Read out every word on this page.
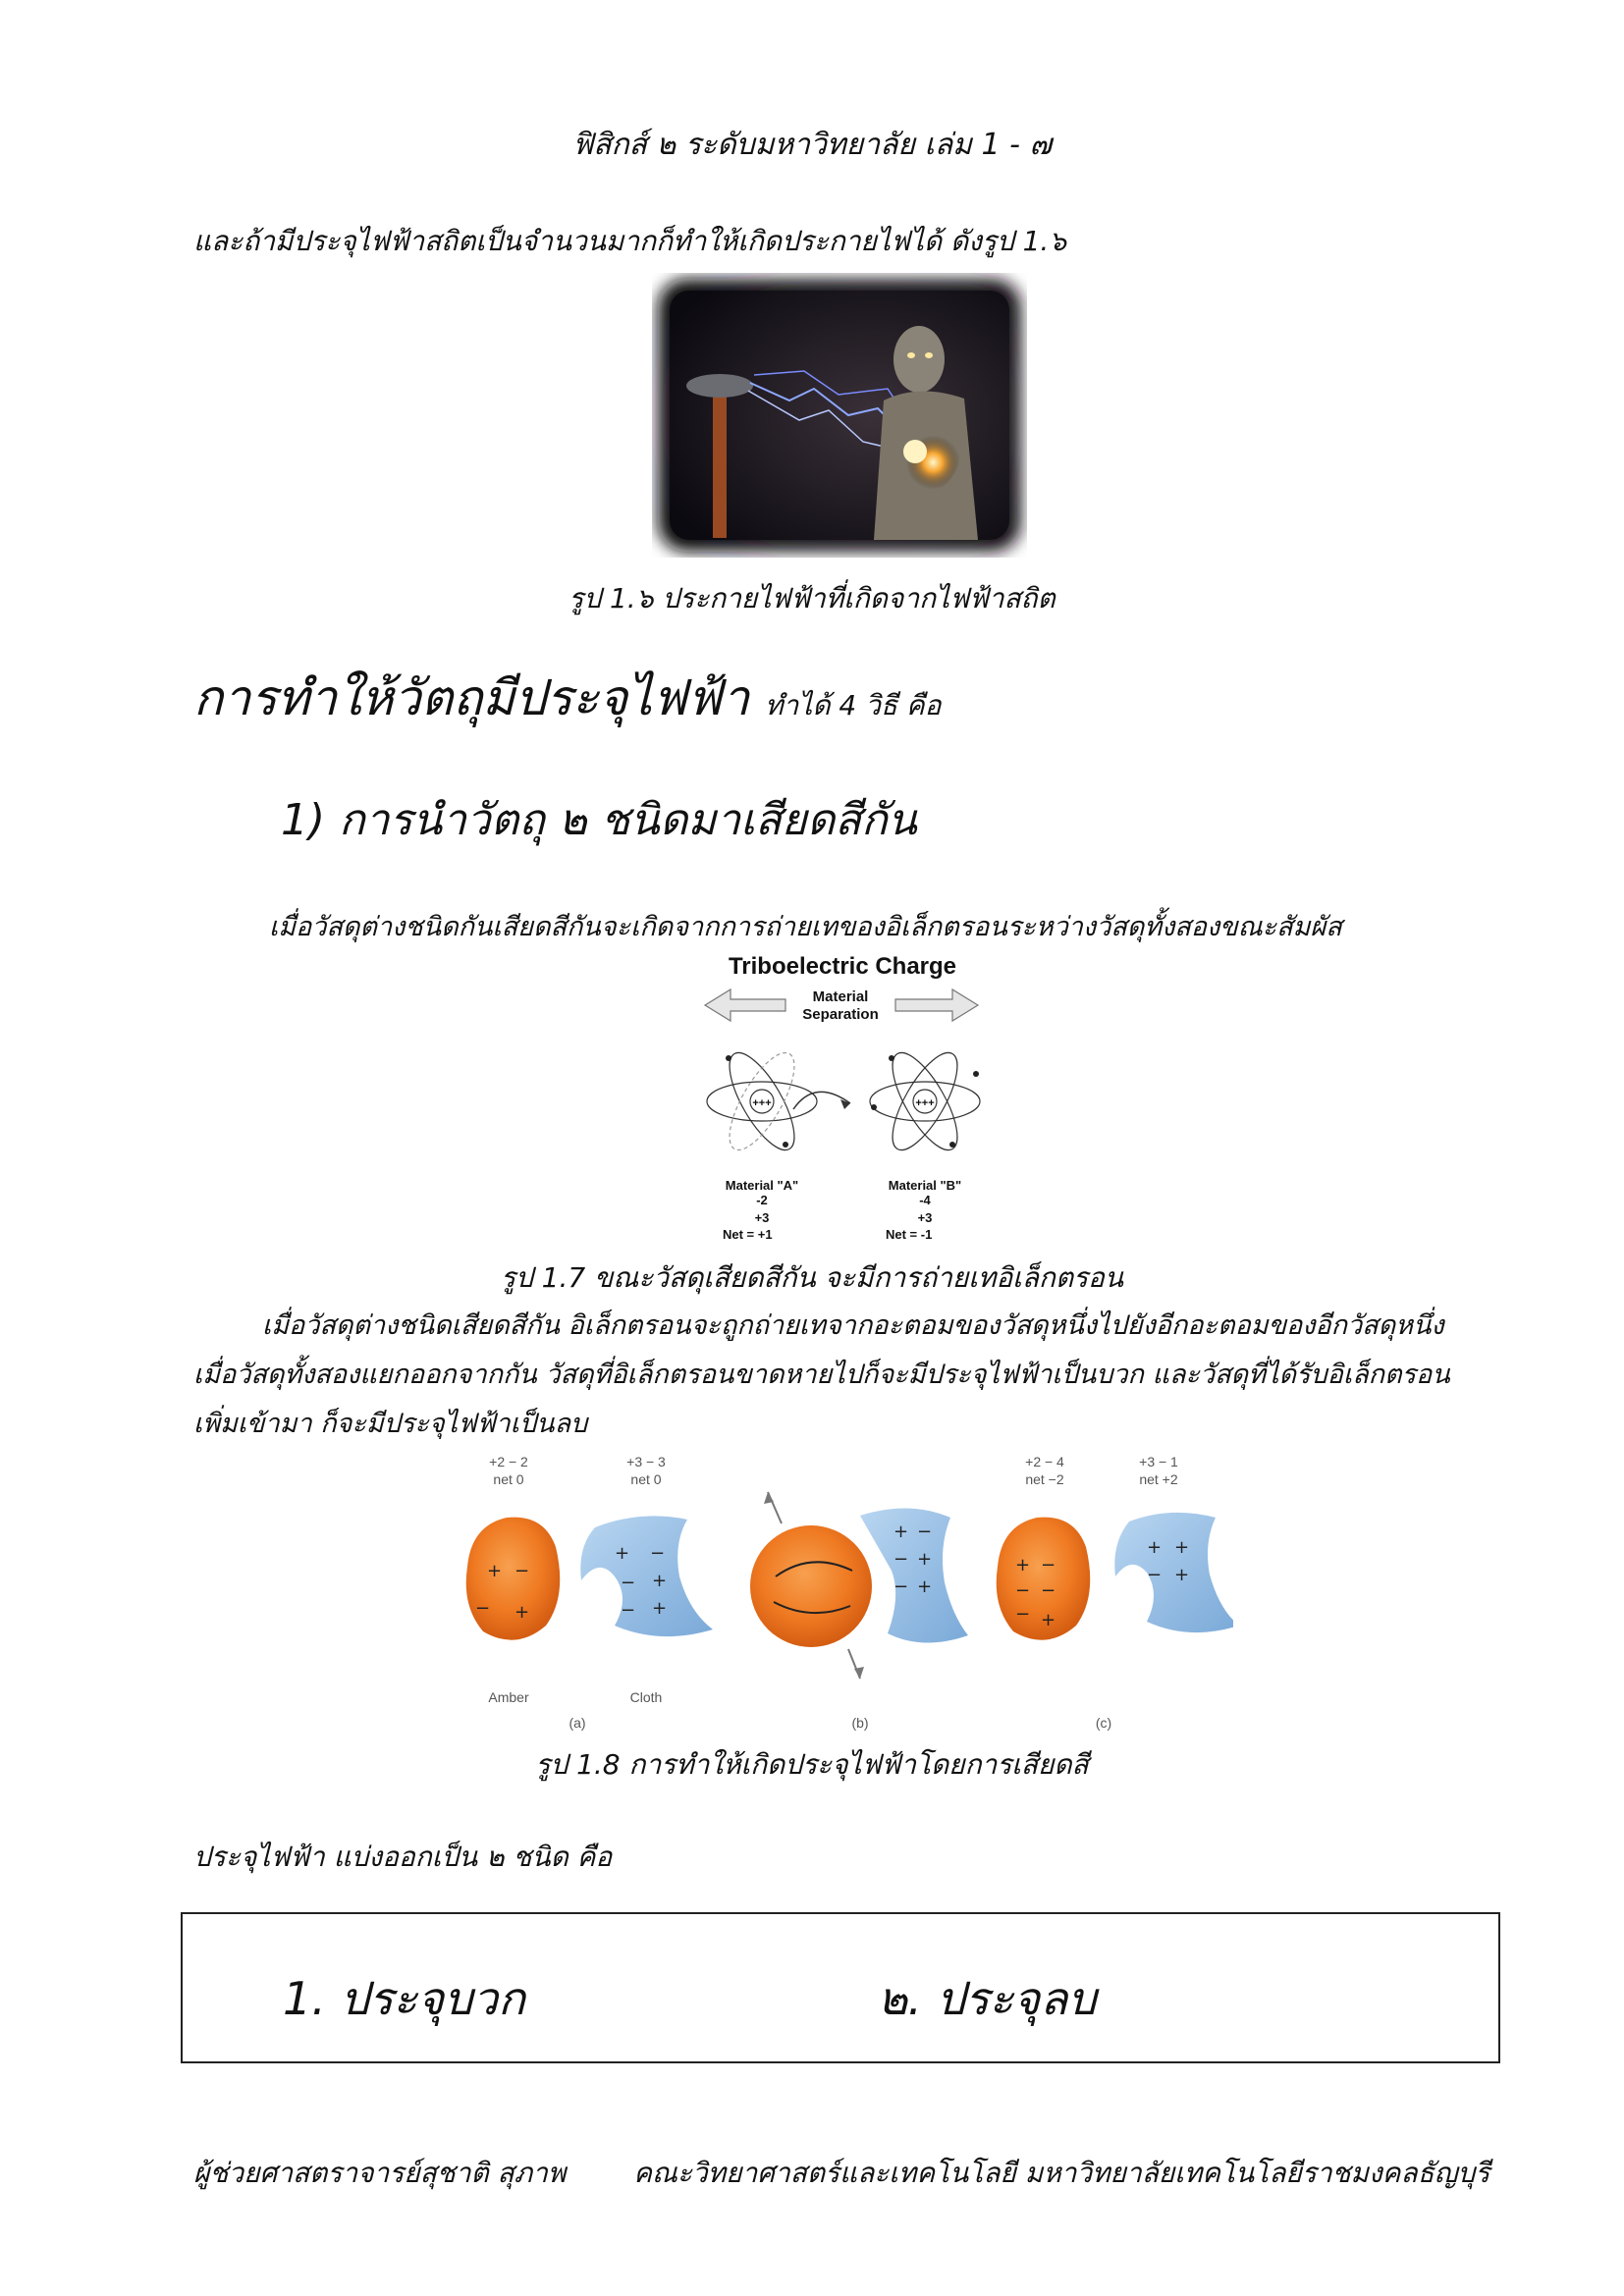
ฟิสิกส์ ๒ ระดับมหาวิทยาลัย เล่ม 1 - ๗
และถ้ามีประจุไฟฟ้าสถิตเป็นจำนวนมากก็ทำให้เกิดประกายไฟได้ ดังรูป 1.๖
รูป 1.๖ ประกายไฟฟ้าที่เกิดจากไฟฟ้าสถิต
การทำให้วัตถุมีประจุไฟฟ้า ทำได้ 4 วิธี คือ
1) การนำวัตถุ ๒ ชนิดมาเสียดสีกัน
เมื่อวัสดุต่างชนิดกันเสียดสีกันจะเกิดจากการถ่ายเทของอิเล็กตรอนระหว่างวัสดุทั้งสองขณะสัมผัส
Triboelectric Charge
Material
Separation
+++	+++
Material "A"
-2
+3
Net = +1
Material "B"
-4
+3
Net = -1
รูป 1.7 ขณะวัสดุเสียดสีกัน จะมีการถ่ายเทอิเล็กตรอน
เมื่อวัสดุต่างชนิดเสียดสีกัน อิเล็กตรอนจะถูกถ่ายเทจากอะตอมของวัสดุหนึ่งไปยังอีกอะตอมของอีกวัสดุหนึ่ง เมื่อวัสดุทั้งสองแยกออกจากกัน วัสดุที่อิเล็กตรอนขาดหายไปก็จะมีประจุไฟฟ้าเป็นบวก และวัสดุที่ได้รับอิเล็กตรอนเพิ่มเข้ามา ก็จะมีประจุไฟฟ้าเป็นลบ
+2 − 2
net 0
+3 − 3
net 0
+2 − 4
net −2
+3 − 1
net +2
+ −
− +
+ −
− +
− +
Amber	Cloth
+ −
− +
− +
+ −
− −
− +
+ +
− +
(a)	(b)	(c)
รูป 1.8 การทำให้เกิดประจุไฟฟ้าโดยการเสียดสี
ประจุไฟฟ้า แบ่งออกเป็น ๒ ชนิด คือ
1. ประจุบวก	๒. ประจุลบ
ผู้ช่วยศาสตราจารย์สุชาติ สุภาพ คณะวิทยาศาสตร์และเทคโนโลยี มหาวิทยาลัยเทคโนโลยีราชมงคลธัญบุรี
